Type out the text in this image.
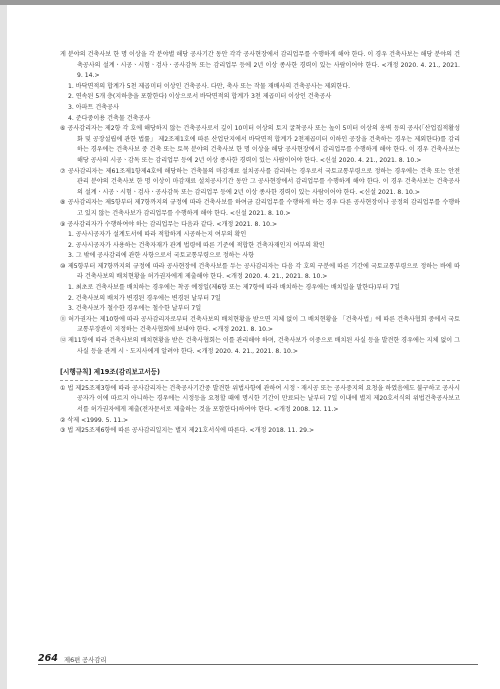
게 분야의 건축사보 한 명 이상을 각 분야별 해당 공사기간 동안 각각 공사현장에서 감리업무를 수행하게 해야 한다. 이 경우 건축사보는 해당 분야의 건축공사의 설계ㆍ시공ㆍ시험ㆍ검사ㆍ공사감독 또는 감리업무 등에 2년 이상 종사한 경력이 있는 사람이어야 한다. <개정 2020. 4. 21., 2021. 9. 14.>

1. 바닥면적의 합계가 5천 제곱미터 이상인 건축공사. 다만, 축사 또는 작물 재배사의 건축공사는 제외한다.

2. 연속된 5개 층(지하층을 포함한다) 이상으로서 바닥면적의 합계가 3천 제곱미터 이상인 건축공사

3. 아파트 건축공사

4. 준다중이용 건축물 건축공사

⑥ 공사감리자는 제2항 각 호에 해당하지 않는 건축공사로서 깊이 10미터 이상의 토지 굴착공사 또는 높이 5미터 이상의 옹벽 등의 공사(「산업집적활성화 및 공장설립에 관한 법률」 제2조제1호에 따른 산업단지에서 바닥면적 합계가 2천제곱미터 이하인 공장을 건축하는 경우는 제외한다)를 감리하는 경우에는 건축사보 중 건축 또는 토목 분야의 건축사보 한 명 이상을 해당 공사현장에서 감리업무를 수행하게 해야 한다. 이 경우 건축사보는 해당 공사의 시공ㆍ감독 또는 감리업무 등에 2년 이상 종사한 경력이 있는 사람이어야 한다. <신설 2020. 4. 21., 2021. 8. 10.>

⑦ 공사감리자는 제61조제1항제4호에 해당하는 건축물의 마감재료 설치공사를 감리하는 경우로서 국토교통부령으로 정하는 경우에는 건축 또는 안전관리 분야의 건축사보 한 명 이상이 마감재료 설치공사기간 동안 그 공사현장에서 감리업무를 수행하게 해야 한다. 이 경우 건축사보는 건축공사의 설계ㆍ시공ㆍ시험ㆍ검사ㆍ공사감독 또는 감리업무 등에 2년 이상 종사한 경력이 있는 사람이어야 한다. <신설 2021. 8. 10.>

⑧ 공사감리자는 제5항부터 제7항까지의 규정에 따라 건축사보를 하여금 감리업무를 수행하게 하는 경우 다른 공사현장이나 공정의 감리업무를 수행하고 있지 않는 건축사보가 감리업무를 수행하게 해야 한다. <신설 2021. 8. 10.>

⑨ 공사감리자가 수행하여야 하는 감리업무는 다음과 같다. <개정 2021. 8. 10.>

1. 공사시공자가 설계도서에 따라 적합하게 시공하는지 여부의 확인

2. 공사시공자가 사용하는 건축자재가 관계 법령에 따른 기준에 적합한 건축자재인지 여부의 확인

3. 그 밖에 공사감리에 관한 사항으로서 국토교통부령으로 정하는 사항

⑩ 제5항부터 제7항까지의 규정에 따라 공사현장에 건축사보를 두는 공사감리자는 다음 각 호의 구분에 따른 기간에 국토교통부령으로 정하는 바에 따라 건축사보의 배치현황을 허가권자에게 제출해야 한다. <개정 2020. 4. 21., 2021. 8. 10.>

1. 최초로 건축사보를 배치하는 경우에는 착공 예정일(제6항 또는 제7항에 따라 배치하는 경우에는 배치일을 말한다)부터 7일

2. 건축사보의 배치가 변경된 경우에는 변경된 날부터 7일

3. 건축사보가 철수한 경우에는 철수한 날부터 7일

⑪ 허가권자는 제10항에 따라 공사감리자로부터 건축사보의 배치현황을 받으면 지체 없이 그 배치현황을 「건축사법」에 따른 건축사협회 중에서 국토교통부장관이 지정하는 건축사협회에 보내야 한다. <개정 2021. 8. 10.>

⑫ 제11항에 따라 건축사보의 배치현황을 받은 건축사협회는 이를 관리해야 하며, 건축사보가 이중으로 배치된 사실 등을 발견한 경우에는 지체 없이 그 사실 등을 관계 시ㆍ도지사에게 알려야 한다. <개정 2020. 4. 21., 2021. 8. 10.>

[시행규칙] 제19조(감리보고서등)

① 법 제25조제3항에 따라 공사감리자는 건축공사기간중 발견한 위법사항에 관하여 시정ㆍ재시공 또는 공사중지의 요청을 하였음에도 불구하고 공사시공자가 이에 따르지 아니하는 경우에는 시정등을 요청할 때에 명시한 기간이 만료되는 날부터 7일 이내에 별지 제20호서식의 위법건축공사보고서를 허가권자에게 제출(전자문서로 제출하는 것을 포함한다)하여야 한다. <개정 2008. 12. 11.>

② 삭제 <1999. 5. 11.>

③ 법 제25조제6항에 따른 공사감리일지는 별지 제21호서식에 따른다. <개정 2018. 11. 29.>

264 제6편 공사감리
